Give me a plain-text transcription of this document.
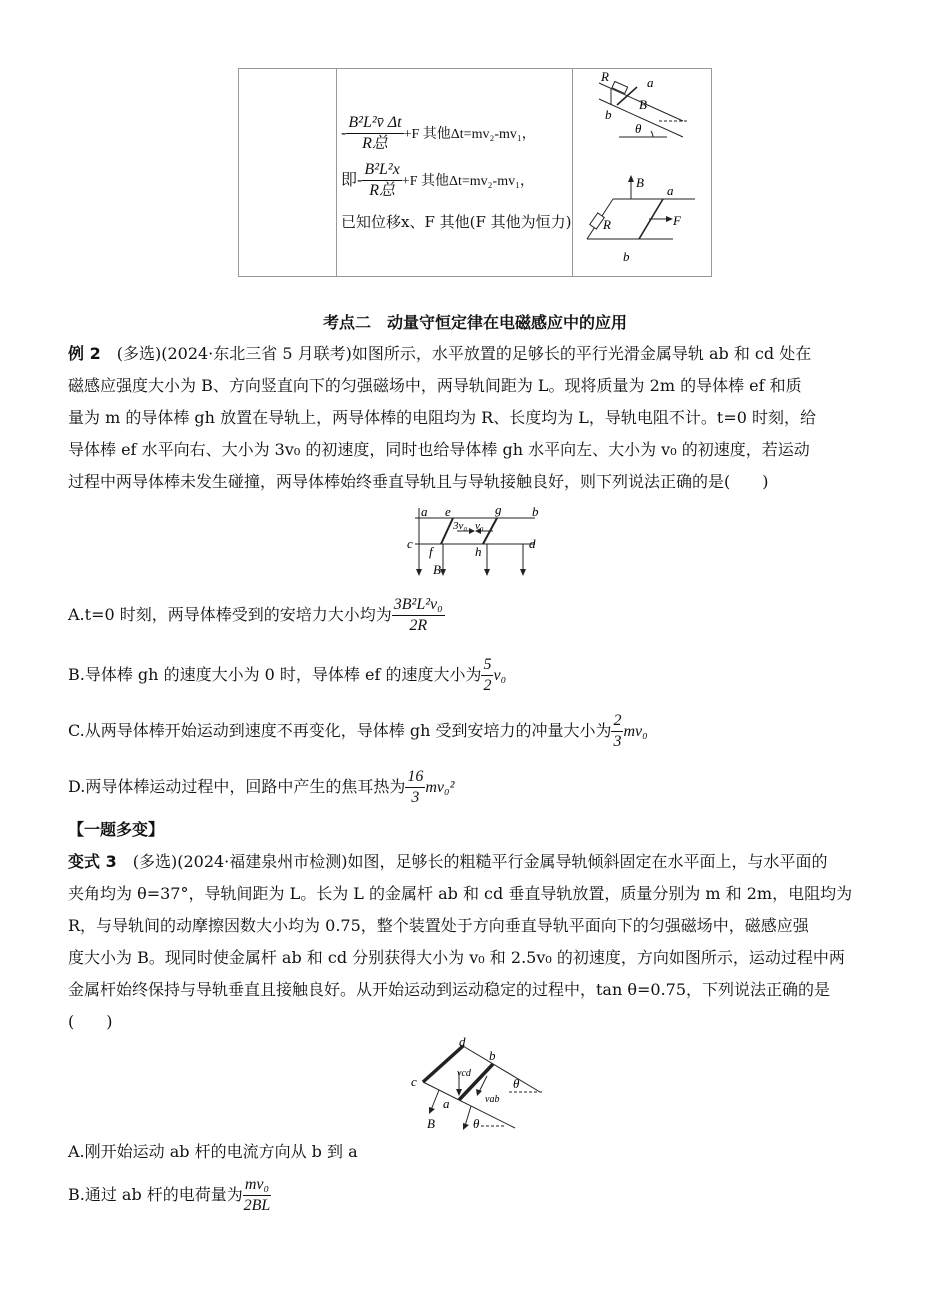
- $\frac{\text{B²L²v̄ Δt}}{\text{R总}} +F$ 其他Δt=mv₂-mv₁，
即- $\frac{\text{B²L²x}}{\text{R总}} +F$ 其他Δt=mv₂-mv₁，
已知位移x、F 其他(F 其他为恒力)

R	a
B
b
θ
B
a
R	F
b
考点二　动量守恒定律在电磁感应中的应用
例 2　 (多选)(2024·东北三省 5 月联考)如图所示，水平放置的足够长的平行光滑金属导轨 ab 和 cd 处在
磁感应强度大小为 B、方向竖直向下的匀强磁场中，两导轨间距为 L。现将质量为 2m 的导体棒 ef 和质
量为 m 的导体棒 gh 放置在导轨上，两导体棒的电阻均为 R、长度均为 L，导轨电阻不计。t=0 时刻，给
导体棒 ef 水平向右、大小为 3v₀ 的初速度，同时也给导体棒 gh 水平向左、大小为 v₀ 的初速度，若运动
过程中两导体棒未发生碰撞，两导体棒始终垂直导轨且与导轨接触良好，则下列说法正确的是(　　)
a e	g b
c	d
f	h
B
3v₀ v₀
A.t=0 时刻，两导体棒受到的安培力大小均为 $\frac{\text{3B²L²v₀}}{2R}$
B.导体棒 gh 的速度大小为 0 时，导体棒 ef 的速度大小为 $\frac{5}{2} v_0$
C.从两导体棒开始运动到速度不再变化，导体棒 gh 受到安培力的冲量大小为 $\frac{2}{3} mv_0$
D.两导体棒运动过程中，回路中产生的焦耳热为 $\frac{16}{3} mv_0^2$
【一题多变】
变式 3　 (多选)(2024·福建泉州市检测)如图，足够长的粗糙平行金属导轨倾斜固定在水平面上，与水平面的
夹角均为 θ=37°，导轨间距为 L。长为 L 的金属杆 ab 和 cd 垂直导轨放置，质量分别为 m 和 2m，电阻均为
R，与导轨间的动摩擦因数大小均为 0.75，整个装置处于方向垂直导轨平面向下的匀强磁场中，磁感应强
度大小为 B。现同时使金属杆 ab 和 cd 分别获得大小为 v₀ 和 2.5v₀ 的初速度，方向如图所示，运动过程中两
金属杆始终保持与导轨垂直且接触良好。从开始运动到运动稳定的过程中，tan θ=0.75，下列说法正确的是
(　　)
d
b
c
a
B
vcd
vab
θ
θ
A.刚开始运动 ab 杆的电流方向从 b 到 a
B.通过 ab 杆的电荷量为 $\frac{\text{mv₀}}{2BL}$
